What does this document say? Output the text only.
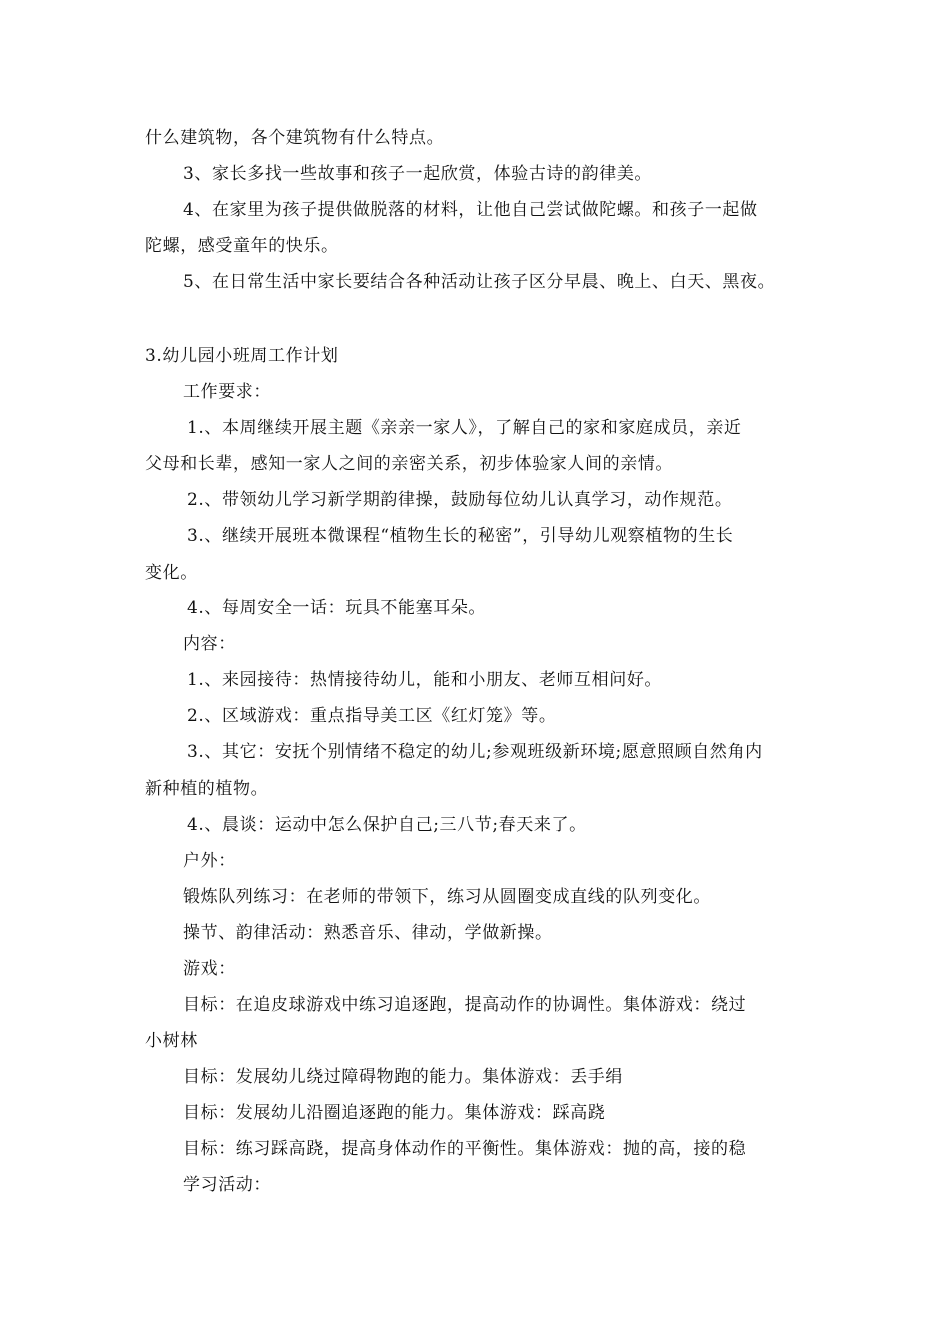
什么建筑物，各个建筑物有什么特点。
3、家长多找一些故事和孩子一起欣赏，体验古诗的韵律美。
4、在家里为孩子提供做脱落的材料，让他自己尝试做陀螺。和孩子一起做
陀螺，感受童年的快乐。
5、在日常生活中家长要结合各种活动让孩子区分早晨、晚上、白天、黑夜。
3.幼儿园小班周工作计划
工作要求：
1.、本周继续开展主题《亲亲一家人》，了解自己的家和家庭成员，亲近
父母和长辈，感知一家人之间的亲密关系，初步体验家人间的亲情。
2.、带领幼儿学习新学期韵律操，鼓励每位幼儿认真学习，动作规范。
3.、继续开展班本微课程“植物生长的秘密”，引导幼儿观察植物的生长
变化。
4.、每周安全一话：玩具不能塞耳朵。
内容：
1.、来园接待：热情接待幼儿，能和小朋友、老师互相问好。
2.、区域游戏：重点指导美工区《红灯笼》等。
3.、其它：安抚个别情绪不稳定的幼儿;参观班级新环境;愿意照顾自然角内
新种植的植物。
4.、晨谈：运动中怎么保护自己;三八节;春天来了。
户外：
锻炼队列练习：在老师的带领下，练习从圆圈变成直线的队列变化。
操节、韵律活动：熟悉音乐、律动，学做新操。
游戏：
目标：在追皮球游戏中练习追逐跑，提高动作的协调性。集体游戏：绕过
小树林
目标：发展幼儿绕过障碍物跑的能力。集体游戏：丢手绢
目标：发展幼儿沿圈追逐跑的能力。集体游戏：踩高跷
目标：练习踩高跷，提高身体动作的平衡性。集体游戏：抛的高，接的稳
学习活动：
